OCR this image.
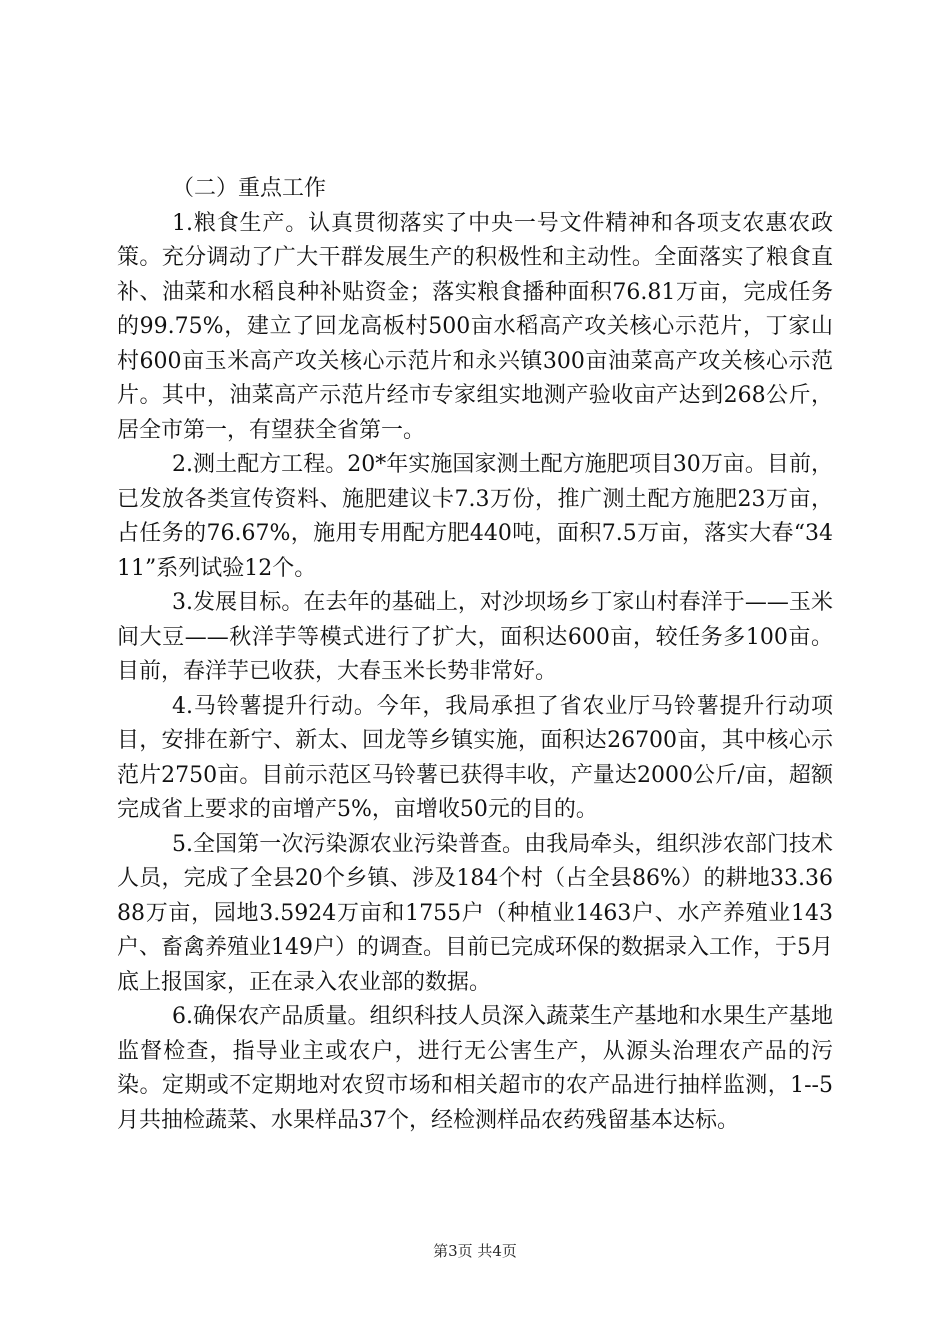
（二）重点工作

1.粮食生产。认真贯彻落实了中央一号文件精神和各项支农惠农政策。充分调动了广大干群发展生产的积极性和主动性。全面落实了粮食直补、油菜和水稻良种补贴资金；落实粮食播种面积76.81万亩，完成任务的99.75%，建立了回龙高板村500亩水稻高产攻关核心示范片，丁家山村600亩玉米高产攻关核心示范片和永兴镇300亩油菜高产攻关核心示范片。其中，油菜高产示范片经市专家组实地测产验收亩产达到268公斤，居全市第一，有望获全省第一。

2.测土配方工程。20*年实施国家测土配方施肥项目30万亩。目前，已发放各类宣传资料、施肥建议卡7.3万份，推广测土配方施肥23万亩，占任务的76.67%，施用专用配方肥440吨，面积7.5万亩，落实大春“3411”系列试验12个。

3.发展目标。在去年的基础上，对沙坝场乡丁家山村春洋于——玉米间大豆——秋洋芋等模式进行了扩大，面积达600亩，较任务多100亩。目前，春洋芋已收获，大春玉米长势非常好。

4.马铃薯提升行动。今年，我局承担了省农业厅马铃薯提升行动项目，安排在新宁、新太、回龙等乡镇实施，面积达26700亩，其中核心示范片2750亩。目前示范区马铃薯已获得丰收，产量达2000公斤/亩，超额完成省上要求的亩增产5%，亩增收50元的目的。

5.全国第一次污染源农业污染普查。由我局牵头，组织涉农部门技术人员，完成了全县20个乡镇、涉及184个村（占全县86%）的耕地33.3688万亩，园地3.5924万亩和1755户（种植业1463户、水产养殖业143户、畜禽养殖业149户）的调查。目前已完成环保的数据录入工作，于5月底上报国家，正在录入农业部的数据。

6.确保农产品质量。组织科技人员深入蔬菜生产基地和水果生产基地监督检查，指导业主或农户，进行无公害生产，从源头治理农产品的污染。定期或不定期地对农贸市场和相关超市的农产品进行抽样监测，1--5月共抽检蔬菜、水果样品37个，经检测样品农药残留基本达标。

第3页 共4页
